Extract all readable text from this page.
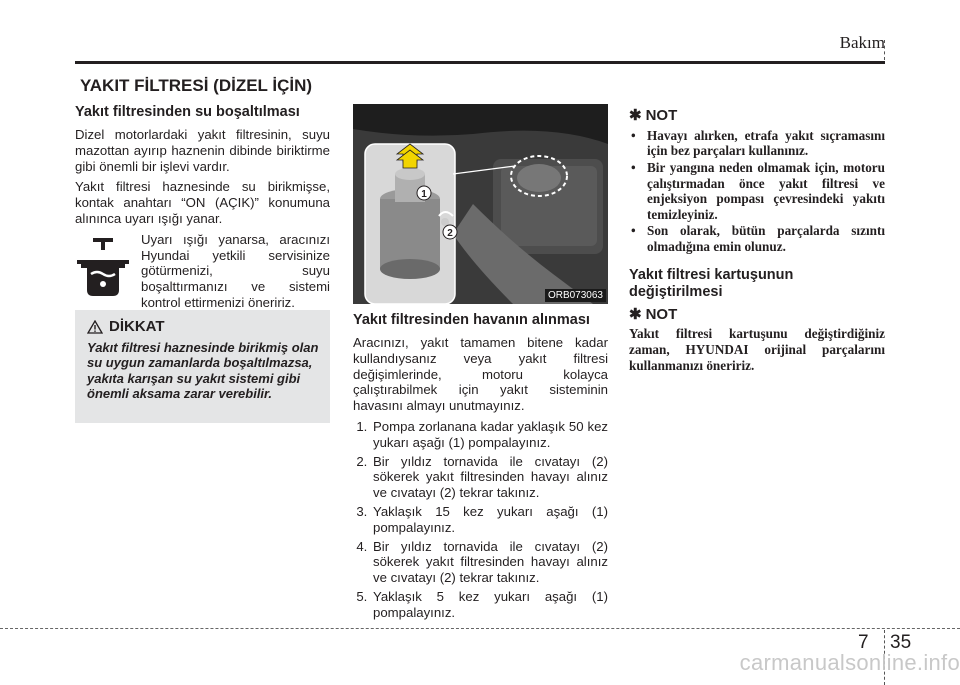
Bakım
7 35
YAKIT FİLTRESİ (DİZEL İÇİN)
Yakıt filtresinden su boşaltılması

Dizel motorlardaki yakıt filtresinin, suyu mazottan ayırıp haznenin dibinde biriktirme gibi önemli bir işlevi vardır.

Yakıt filtresi haznesinde su birikmişse, kontak anahtarı “ON (AÇIK)” konumuna alınınca uyarı ışığı yanar.

Uyarı ışığı yanarsa, aracınızı Hyundai yetkili servisinize götürmenizi, suyu boşalttırmanızı ve sistemi kontrol ettirmenizi öneririz.

DİKKAT
Yakıt filtresi haznesinde birikmiş olan su uygun zamanlarda boşaltılmazsa, yakıta karışan su yakıt sistemi gibi önemli aksama zarar verebilir.
1
2
ORB073063
Yakıt filtresinden havanın alınması

Aracınızı, yakıt tamamen bitene kadar kullandıysanız veya yakıt filtresi değişimlerinde, motoru kolayca çalıştırabilmek için yakıt sisteminin havasını almayı unutmayınız.

1. Pompa zorlanana kadar yaklaşık 50 kez yukarı aşağı (1) pompalayınız.
2. Bir yıldız tornavida ile cıvatayı (2) sökerek yakıt filtresinden havayı alınız ve cıvatayı (2) tekrar takınız.
3. Yaklaşık 15 kez yukarı aşağı (1) pompalayınız.
4. Bir yıldız tornavida ile cıvatayı (2) sökerek yakıt filtresinden havayı alınız ve cıvatayı (2) tekrar takınız.
5. Yaklaşık 5 kez yukarı aşağı (1) pompalayınız.
✱ NOT
• Havayı alırken, etrafa yakıt sıçramasını için bez parçaları kullanınız.
• Bir yangına neden olmamak için, motoru çalıştırmadan önce yakıt filtresi ve enjeksiyon pompası çevresindeki yakıtı temizleyiniz.
• Son olarak, bütün parçalarda sızıntı olmadığına emin olunuz.
Yakıt filtresi kartuşunun değiştirilmesi
✱ NOT

Yakıt filtresi kartuşunu değiştirdiğiniz zaman, HYUNDAI orijinal parçalarını kullanmanızı öneririz.

carmanualsonline.info
